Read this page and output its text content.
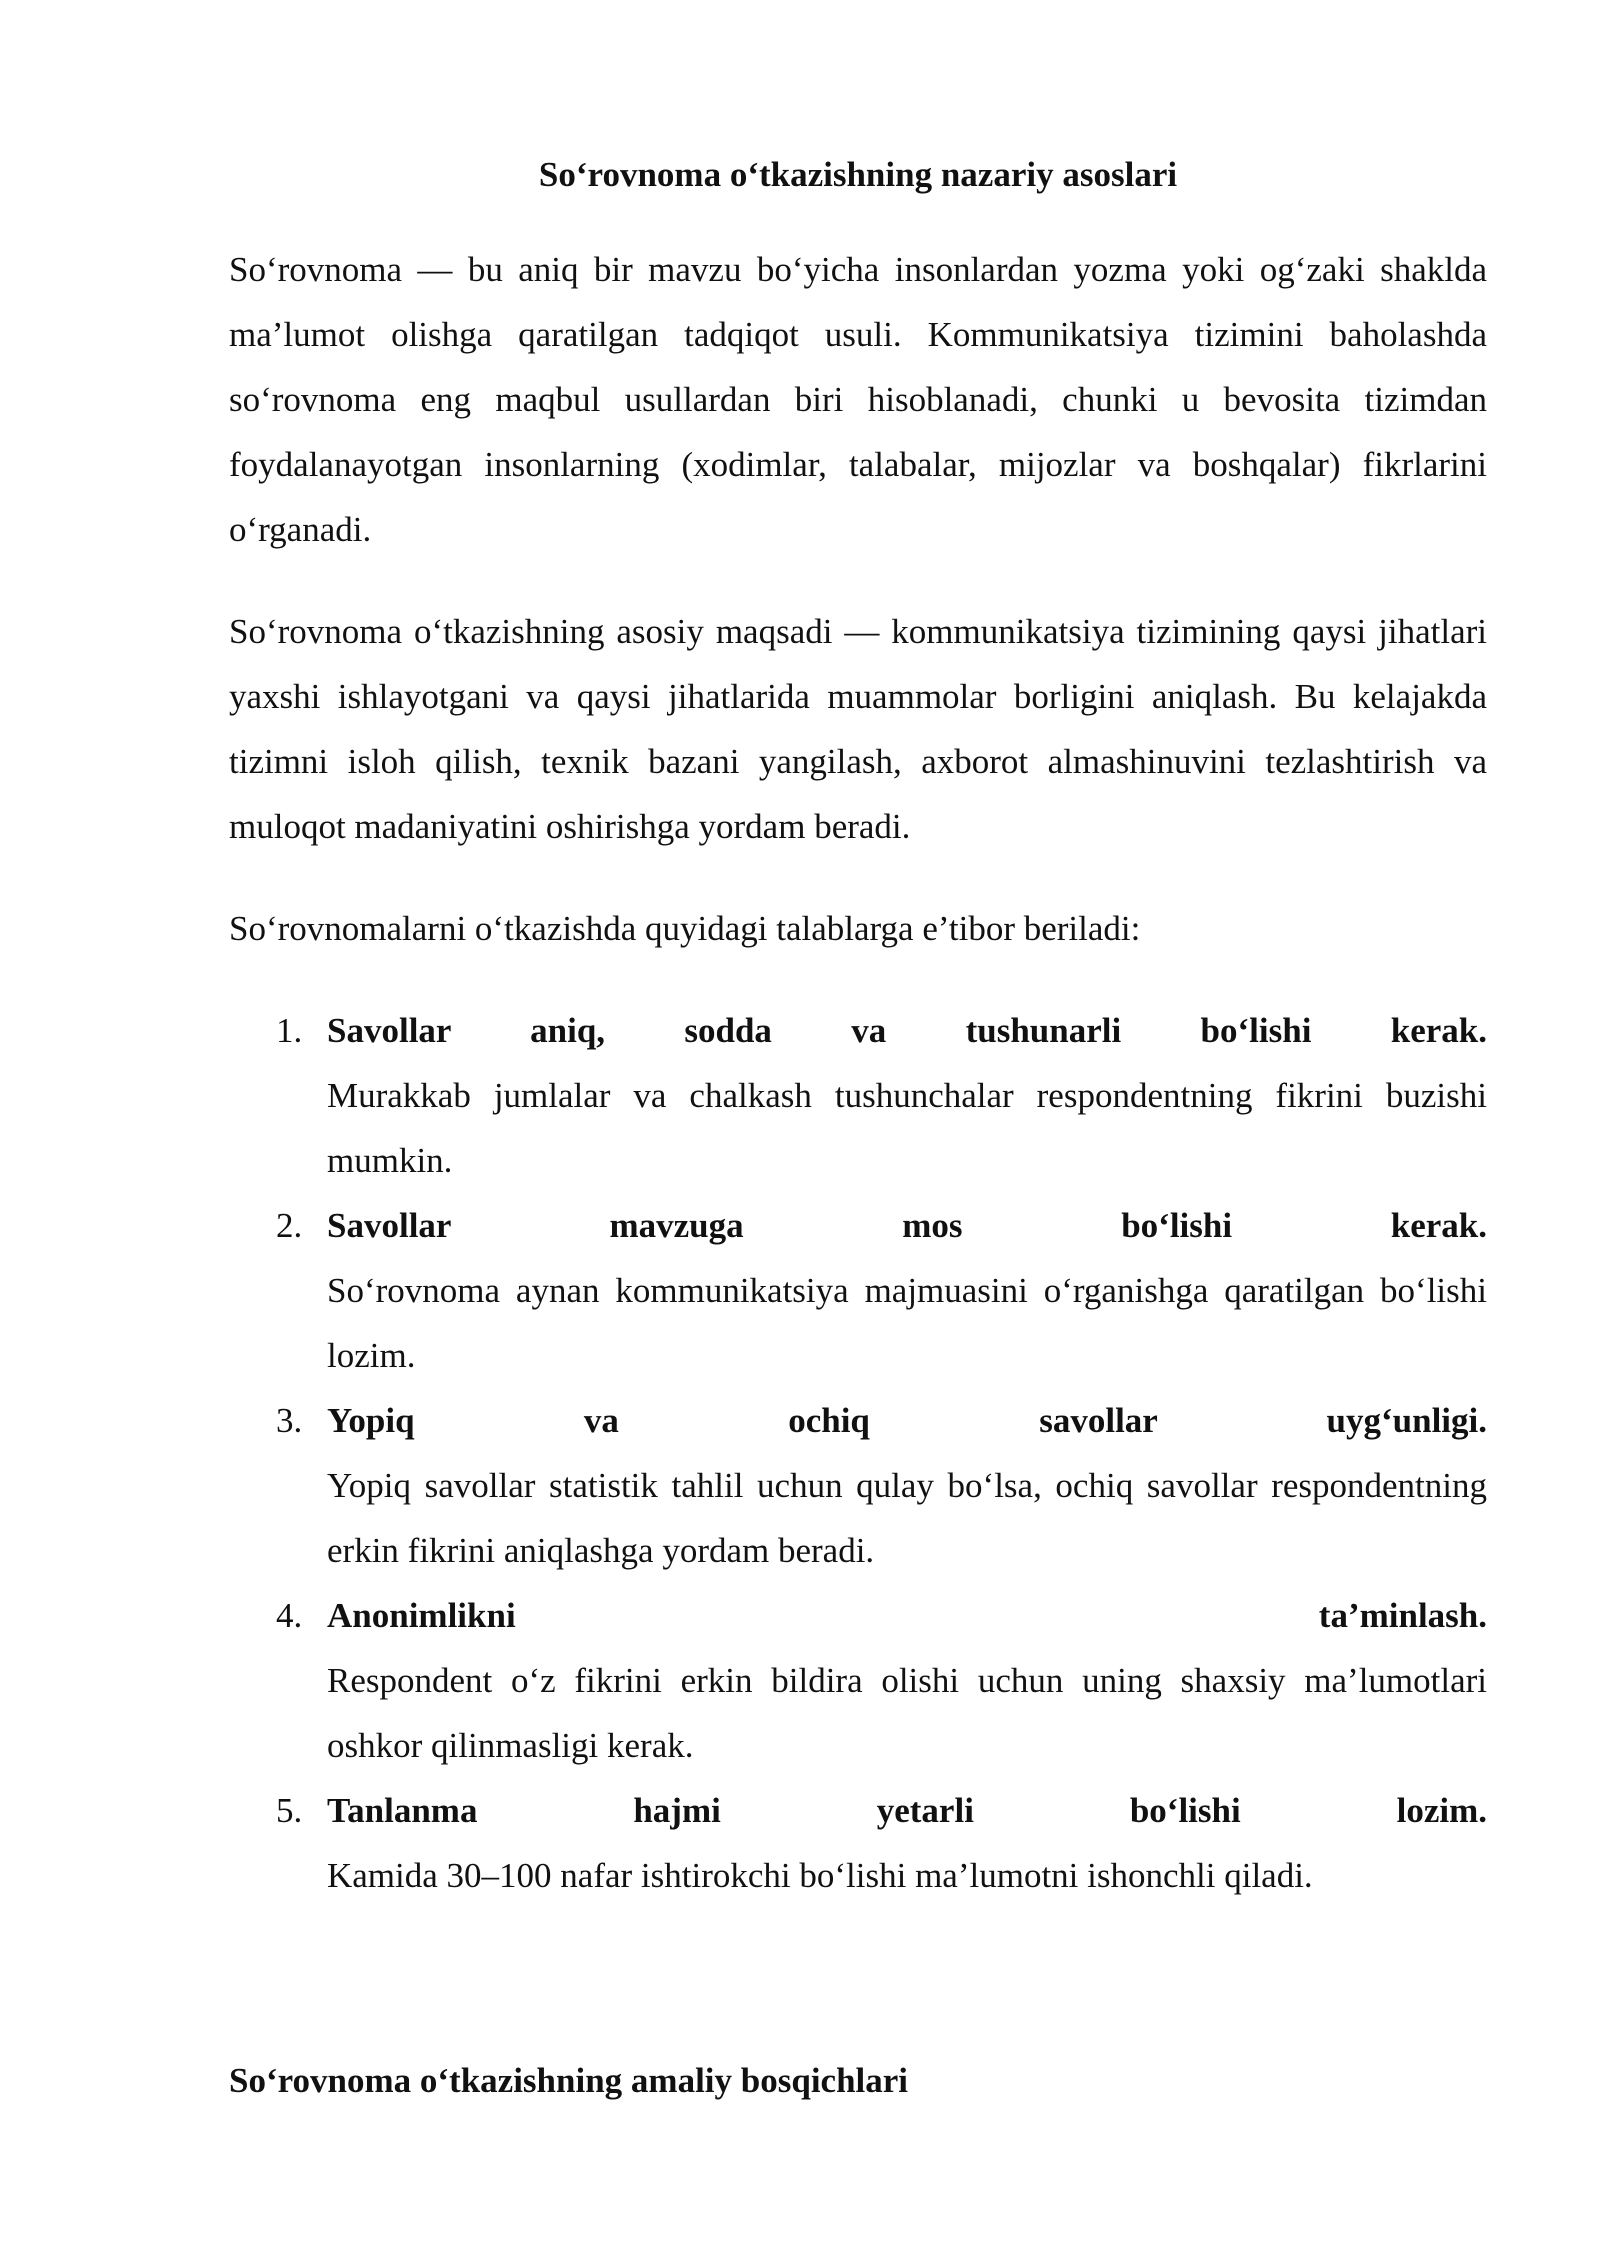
So‘rovnoma o‘tkazishning nazariy asoslari

So‘rovnoma — bu aniq bir mavzu bo‘yicha insonlardan yozma yoki og‘zaki shaklda ma’lumot olishga qaratilgan tadqiqot usuli. Kommunikatsiya tizimini baholashda so‘rovnoma eng maqbul usullardan biri hisoblanadi, chunki u bevosita tizimdan foydalanayotgan insonlarning (xodimlar, talabalar, mijozlar va boshqalar) fikrlarini o‘rganadi.

So‘rovnoma o‘tkazishning asosiy maqsadi — kommunikatsiya tizimining qaysi jihatlari yaxshi ishlayotgani va qaysi jihatlarida muammolar borligini aniqlash. Bu kelajakda tizimni isloh qilish, texnik bazani yangilash, axborot almashinuvini tezlashtirish va muloqot madaniyatini oshirishga yordam beradi.

So‘rovnomalarni o‘tkazishda quyidagi talablarga e’tibor beriladi:

1. Savollar aniq, sodda va tushunarli bo‘lishi kerak.
Murakkab jumlalar va chalkash tushunchalar respondentning fikrini buzishi mumkin.
2. Savollar mavzuga mos bo‘lishi kerak.
So‘rovnoma aynan kommunikatsiya majmuasini o‘rganishga qaratilgan bo‘lishi lozim.
3. Yopiq va ochiq savollar uyg‘unligi.
Yopiq savollar statistik tahlil uchun qulay bo‘lsa, ochiq savollar respondentning erkin fikrini aniqlashga yordam beradi.
4. Anonimlikni ta’minlash.
Respondent o‘z fikrini erkin bildira olishi uchun uning shaxsiy ma’lumotlari oshkor qilinmasligi kerak.
5. Tanlanma hajmi yetarli bo‘lishi lozim.
Kamida 30–100 nafar ishtirokchi bo‘lishi ma’lumotni ishonchli qiladi.
So‘rovnoma o‘tkazishning amaliy bosqichlari
